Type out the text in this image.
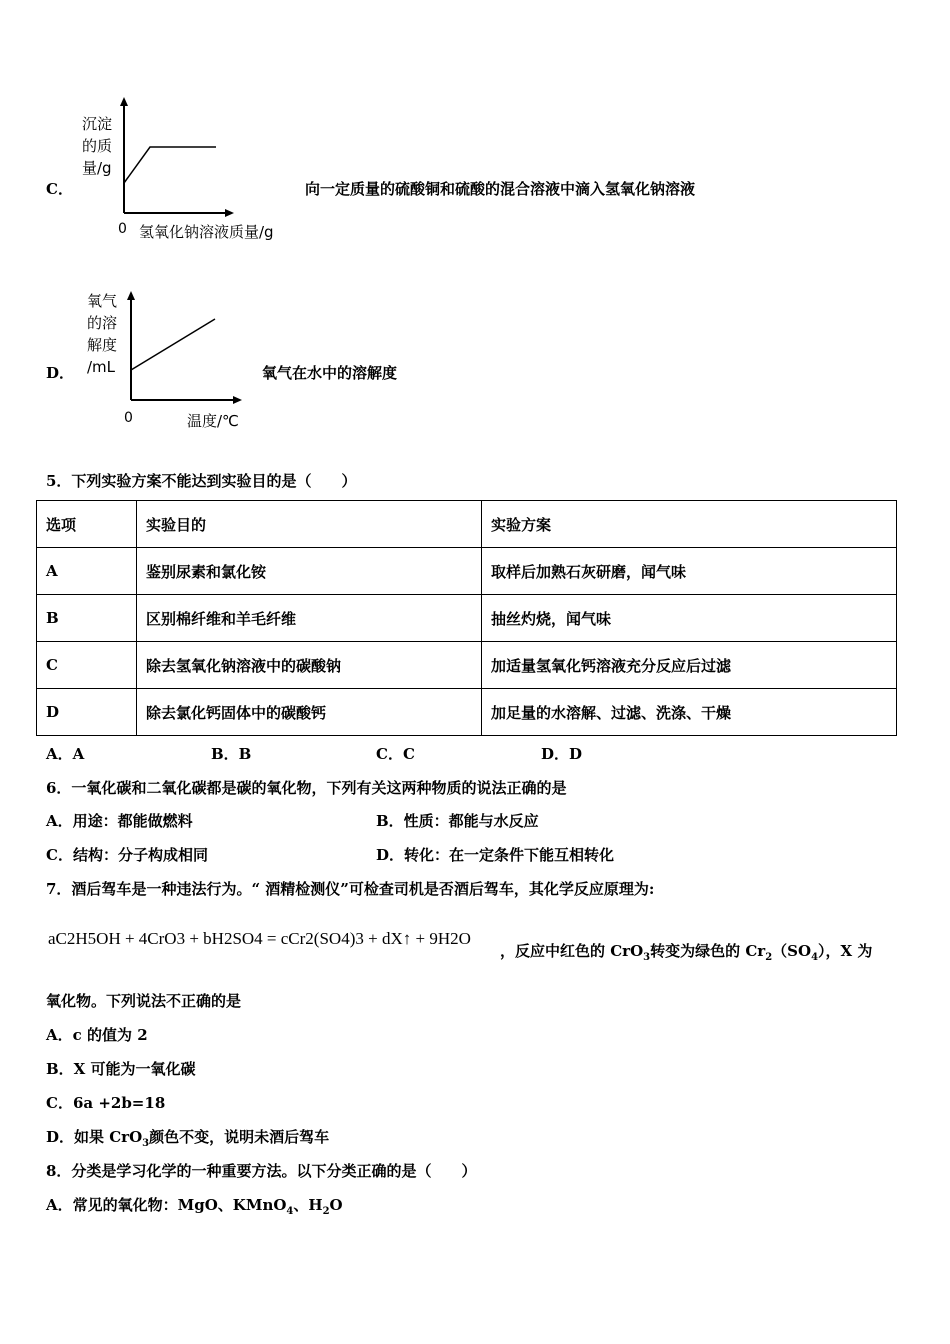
C．
沉淀
的质
量/g
0 氢氧化钠溶液质量/g
向一定质量的硫酸铜和硫酸的混合溶液中滴入氢氧化钠溶液
D．
氧气
的溶
解度
/mL
0	温度/℃
氧气在水中的溶解度
5．下列实验方案不能达到实验目的是（　　）
选项	实验目的	实验方案
A	鉴别尿素和氯化铵	取样后加熟石灰研磨，闻气味
B	区别棉纤维和羊毛纤维	抽丝灼烧，闻气味
C	除去氢氧化钠溶液中的碳酸钠	加适量氢氧化钙溶液充分反应后过滤
D	除去氯化钙固体中的碳酸钙	加足量的水溶解、过滤、洗涤、干燥
A．A	B．B	C．C	D．D
6．一氧化碳和二氧化碳都是碳的氧化物，下列有关这两种物质的说法正确的是
A．用途：都能做燃料	B．性质：都能与水反应
C．结构：分子构成相同	D．转化：在一定条件下能互相转化
7．酒后驾车是一种违法行为。“ 酒精检测仪”可检查司机是否酒后驾车，其化学反应原理为:
aC2H5OH + 4CrO3 + bH2SO4 = cCr2(SO4)3 + dX↑ + 9H2O
，反应中红色的 CrO$_3$转变为绿色的 $Cr_2(SO_4)$，X 为
氧化物。下列说法不正确的是
A．c 的值为 2
B．X 可能为一氧化碳
C．6a +2b=18
D．如果 CrO$_3$颜色不变，说明未酒后驾车
8．分类是学习化学的一种重要方法。以下分类正确的是（　　）
A．常见的氧化物：MgO、KMnO$_4$、$H_2O$
